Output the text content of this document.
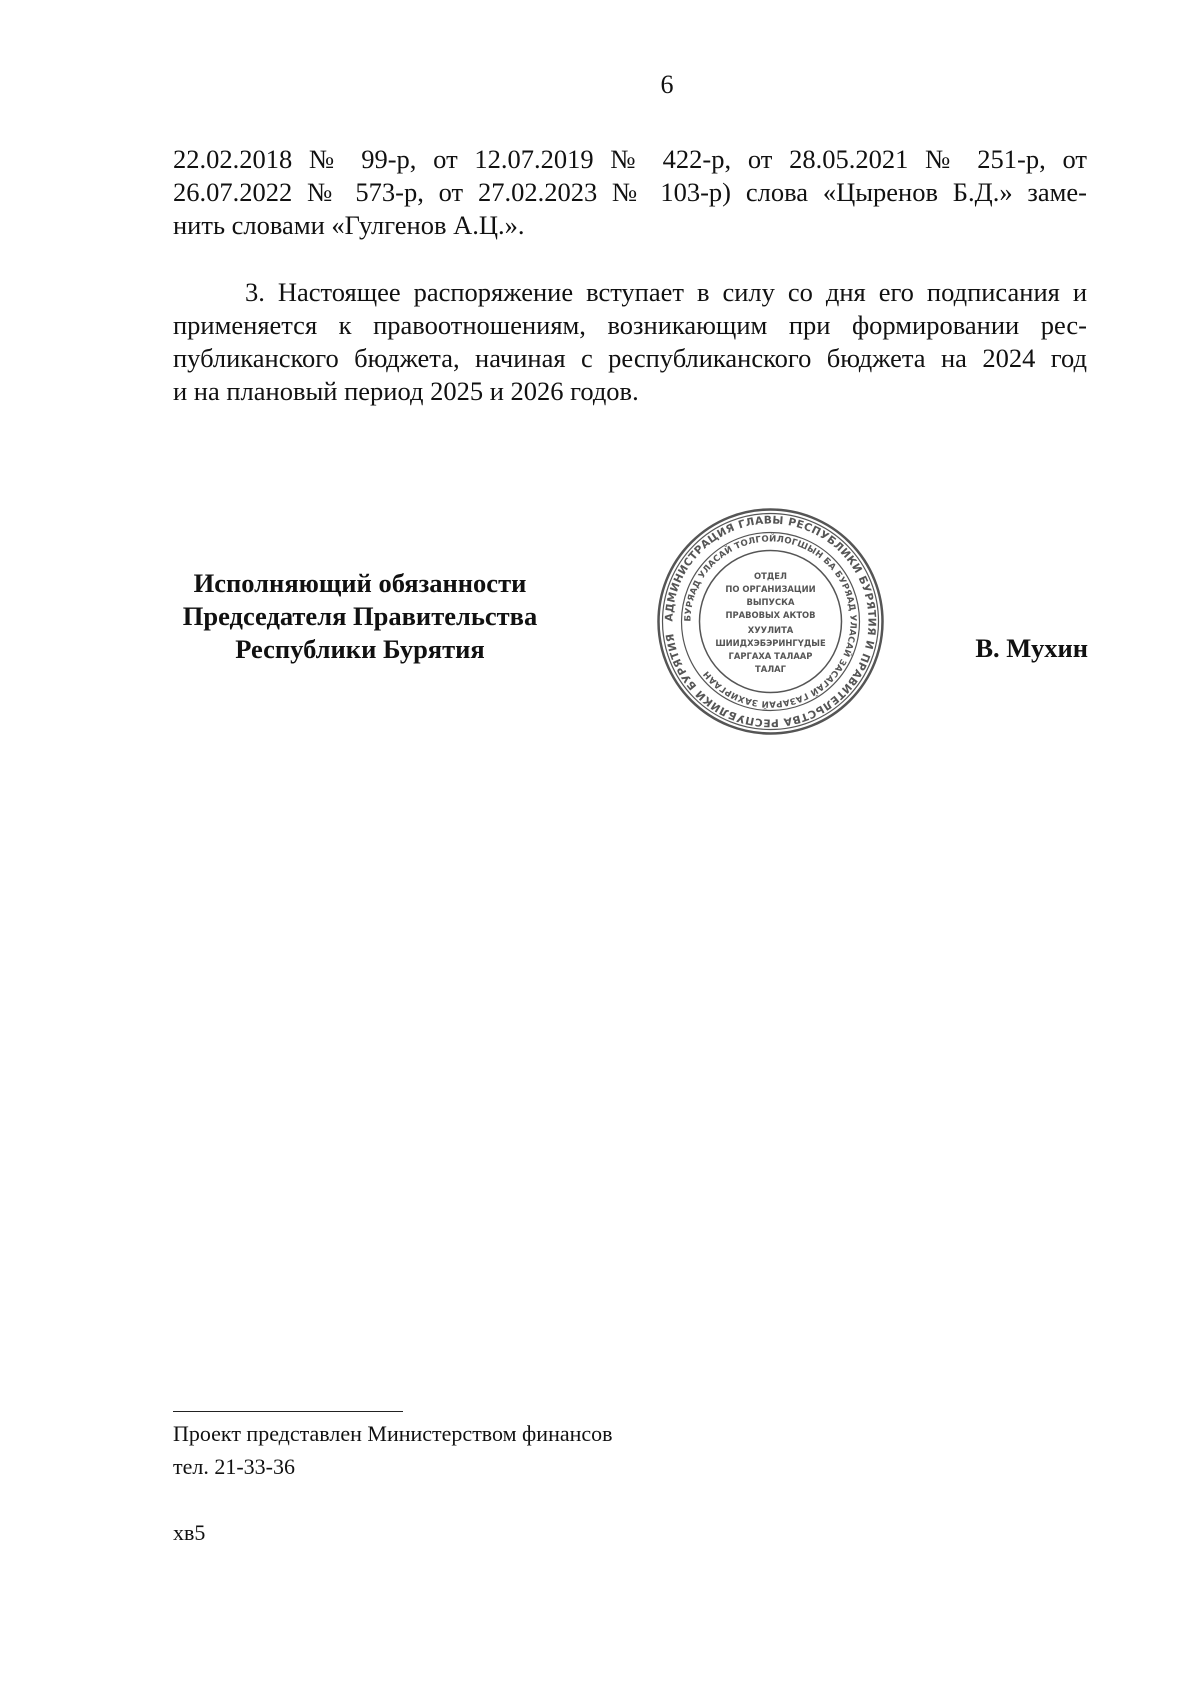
6
22.02.2018 № 99-р, от 12.07.2019 № 422-р, от 28.05.2021 № 251-р, от
26.07.2022 № 573-р, от 27.02.2023 № 103-р) слова «Цыренов Б.Д.» заме-
нить словами «Гулгенов А.Ц.».
3. Настоящее распоряжение вступает в силу со дня его подписания и
применяется к правоотношениям, возникающим при формировании рес-
публиканского бюджета, начиная с республиканского бюджета на 2024 год
и на плановый период 2025 и 2026 годов.
Исполняющий обязанности
Председателя Правительства
Республики Бурятия
АДМИНИСТРАЦИЯ ГЛАВЫ РЕСПУБЛИКИ БУРЯТИЯ И ПРАВИТЕЛЬСТВА РЕСПУБЛИКИ БУРЯТИЯ
БУРЯАД УЛАСАЙ ТОЛГОЙЛОГШЫН БА БУРЯАД УЛАСАЙ ЗАСАГАЙ ГАЗАРАЙ ЗАХИРГААН
ОТДЕЛ
ПО ОРГАНИЗАЦИИ
ВЫПУСКА
ПРАВОВЫХ АКТОВ
ХУУЛИТА
ШИИДХЭБЭРИНГҮДЫЕ
ГАРГАХА ТАЛААР
ТАЛАГ
В. Мухин
Проект представлен Министерством финансов
тел. 21-33-36
хв5
